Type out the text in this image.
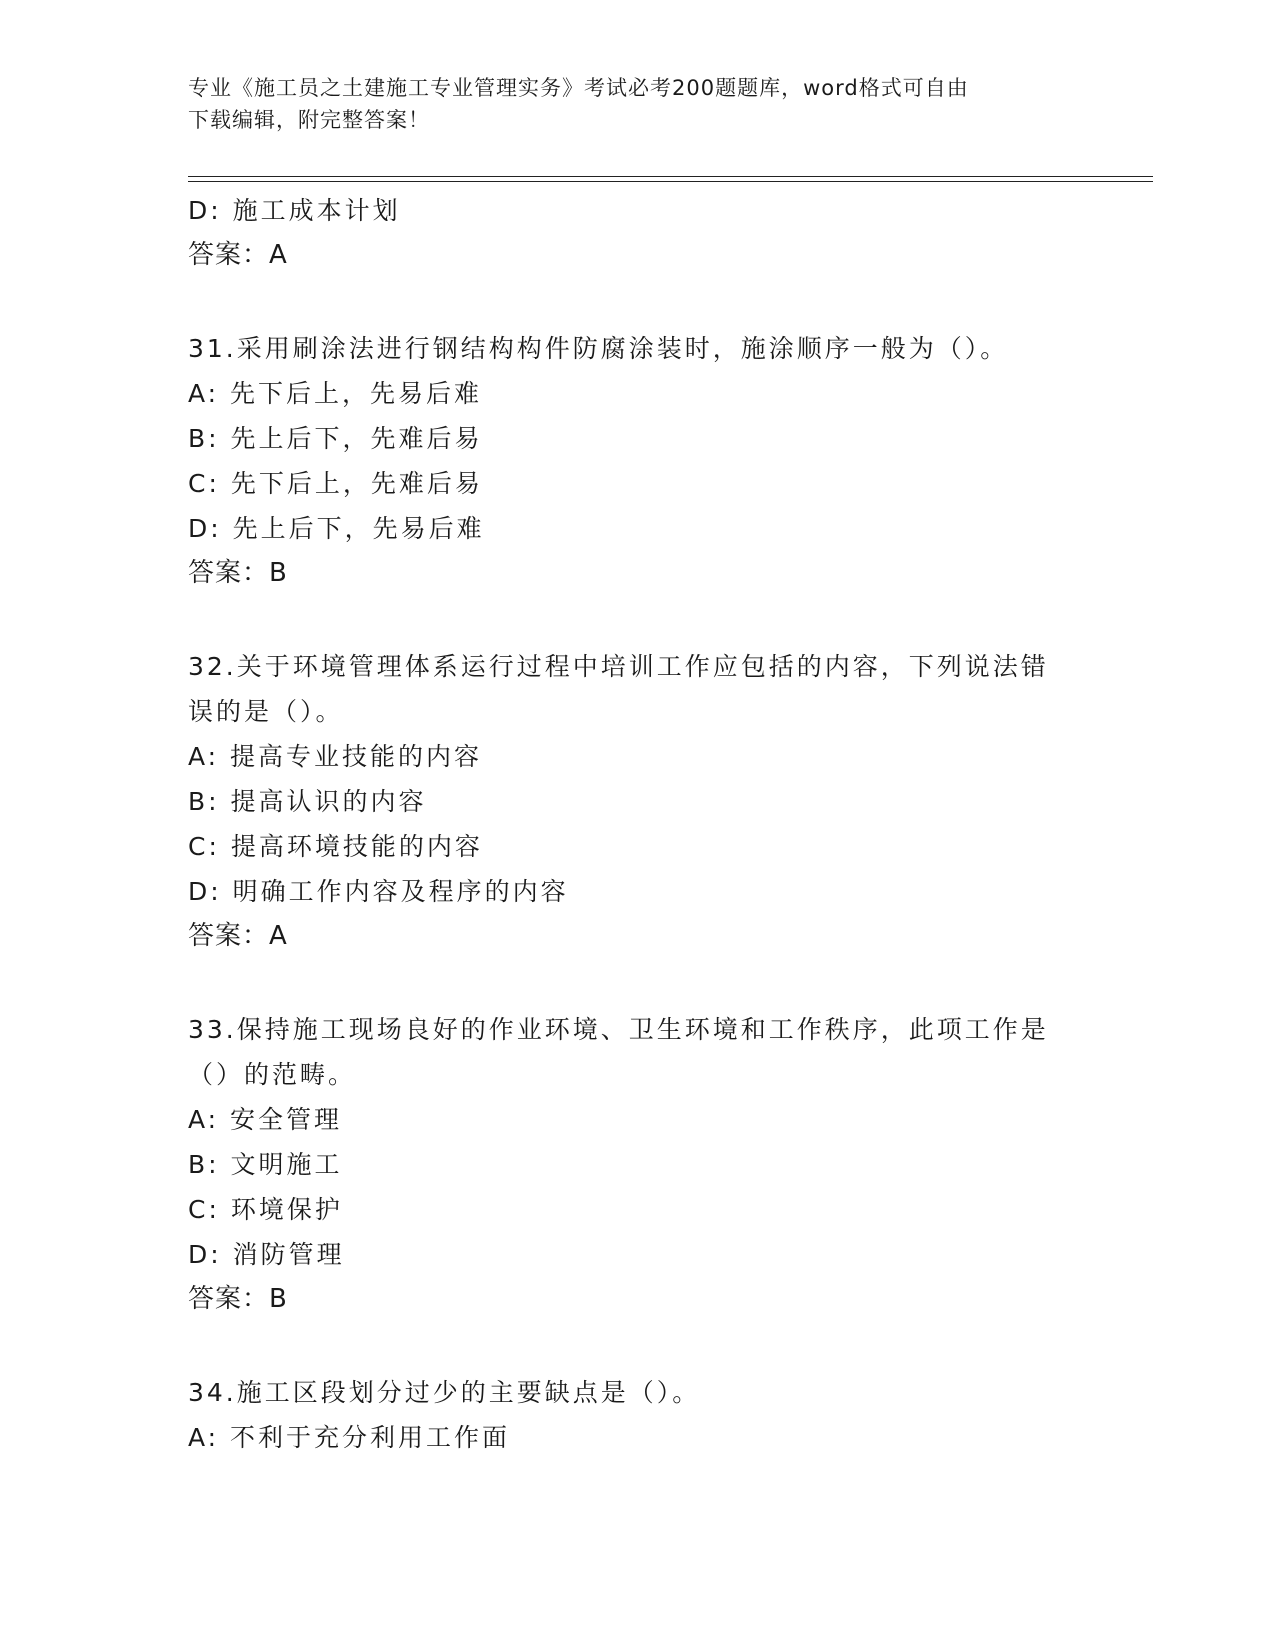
专业《施工员之土建施工专业管理实务》考试必考200题题库，word格式可自由
下载编辑，附完整答案！
D: 施工成本计划
答案：A
31.采用刷涂法进行钢结构构件防腐涂装时，施涂顺序一般为（）。
A: 先下后上，先易后难
B: 先上后下，先难后易
C: 先下后上，先难后易
D: 先上后下，先易后难
答案：B
32.关于环境管理体系运行过程中培训工作应包括的内容，下列说法错
误的是（）。
A: 提高专业技能的内容
B: 提高认识的内容
C: 提高环境技能的内容
D: 明确工作内容及程序的内容
答案：A
33.保持施工现场良好的作业环境、卫生环境和工作秩序，此项工作是
（）的范畴。
A: 安全管理
B: 文明施工
C: 环境保护
D: 消防管理
答案：B
34.施工区段划分过少的主要缺点是（）。
A: 不利于充分利用工作面
